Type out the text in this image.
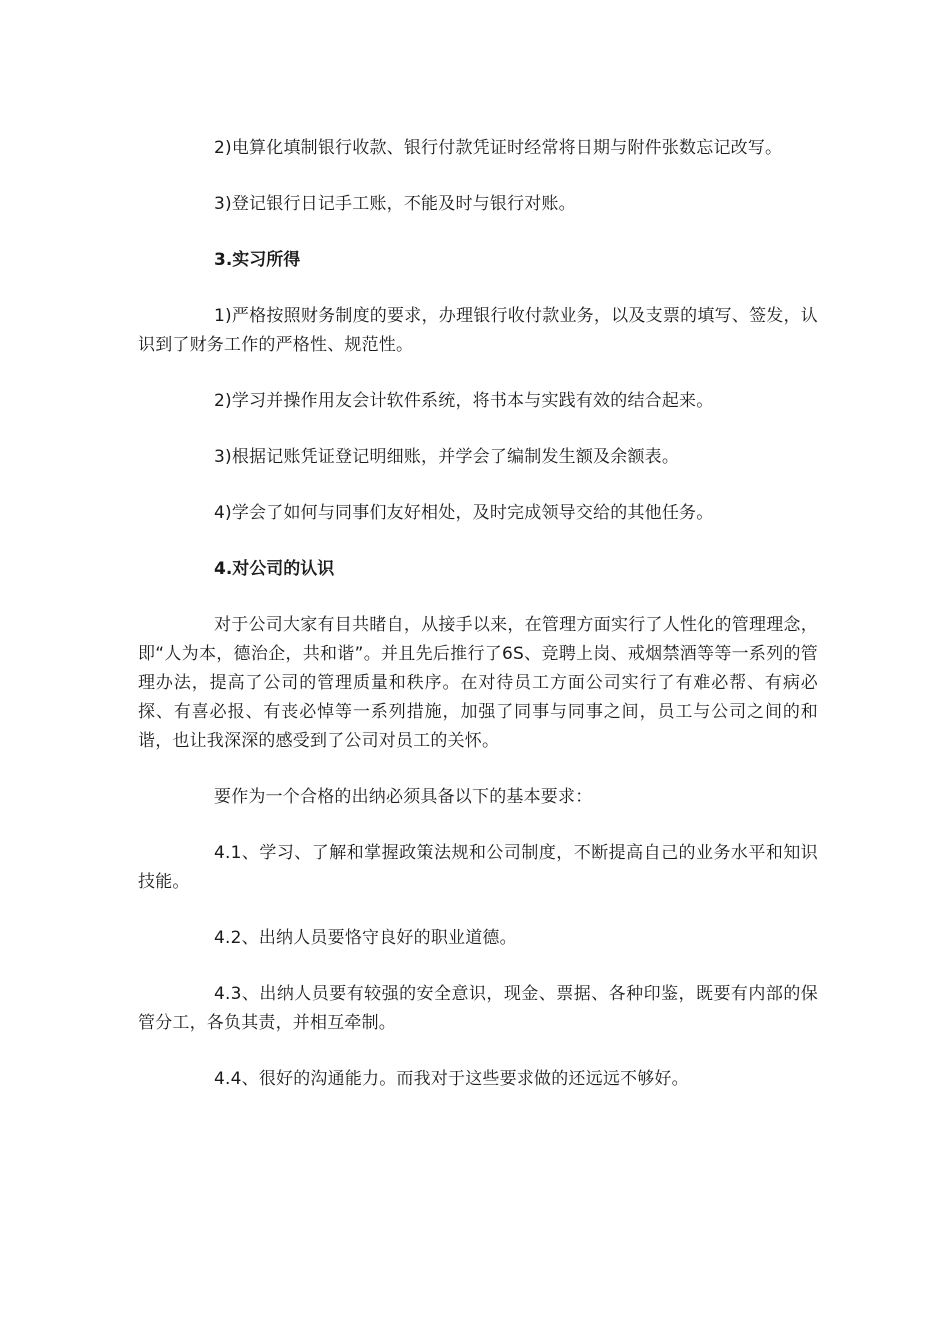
2)电算化填制银行收款、银行付款凭证时经常将日期与附件张数忘记改写。

3)登记银行日记手工账，不能及时与银行对账。

3.实习所得

1)严格按照财务制度的要求，办理银行收付款业务，以及支票的填写、签发，认识到了财务工作的严格性、规范性。

2)学习并操作用友会计软件系统，将书本与实践有效的结合起来。

3)根据记账凭证登记明细账，并学会了编制发生额及余额表。

4)学会了如何与同事们友好相处，及时完成领导交给的其他任务。

4.对公司的认识

对于公司大家有目共睹自，从接手以来，在管理方面实行了人性化的管理理念，即“人为本，德治企，共和谐”。并且先后推行了6S、竞聘上岗、戒烟禁酒等等一系列的管理办法，提高了公司的管理质量和秩序。在对待员工方面公司实行了有难必帮、有病必探、有喜必报、有丧必悼等一系列措施，加强了同事与同事之间，员工与公司之间的和谐，也让我深深的感受到了公司对员工的关怀。

要作为一个合格的出纳必须具备以下的基本要求：

4.1、学习、了解和掌握政策法规和公司制度，不断提高自己的业务水平和知识技能。

4.2、出纳人员要恪守良好的职业道德。

4.3、出纳人员要有较强的安全意识，现金、票据、各种印鉴，既要有内部的保管分工，各负其责，并相互牵制。

4.4、很好的沟通能力。而我对于这些要求做的还远远不够好。
